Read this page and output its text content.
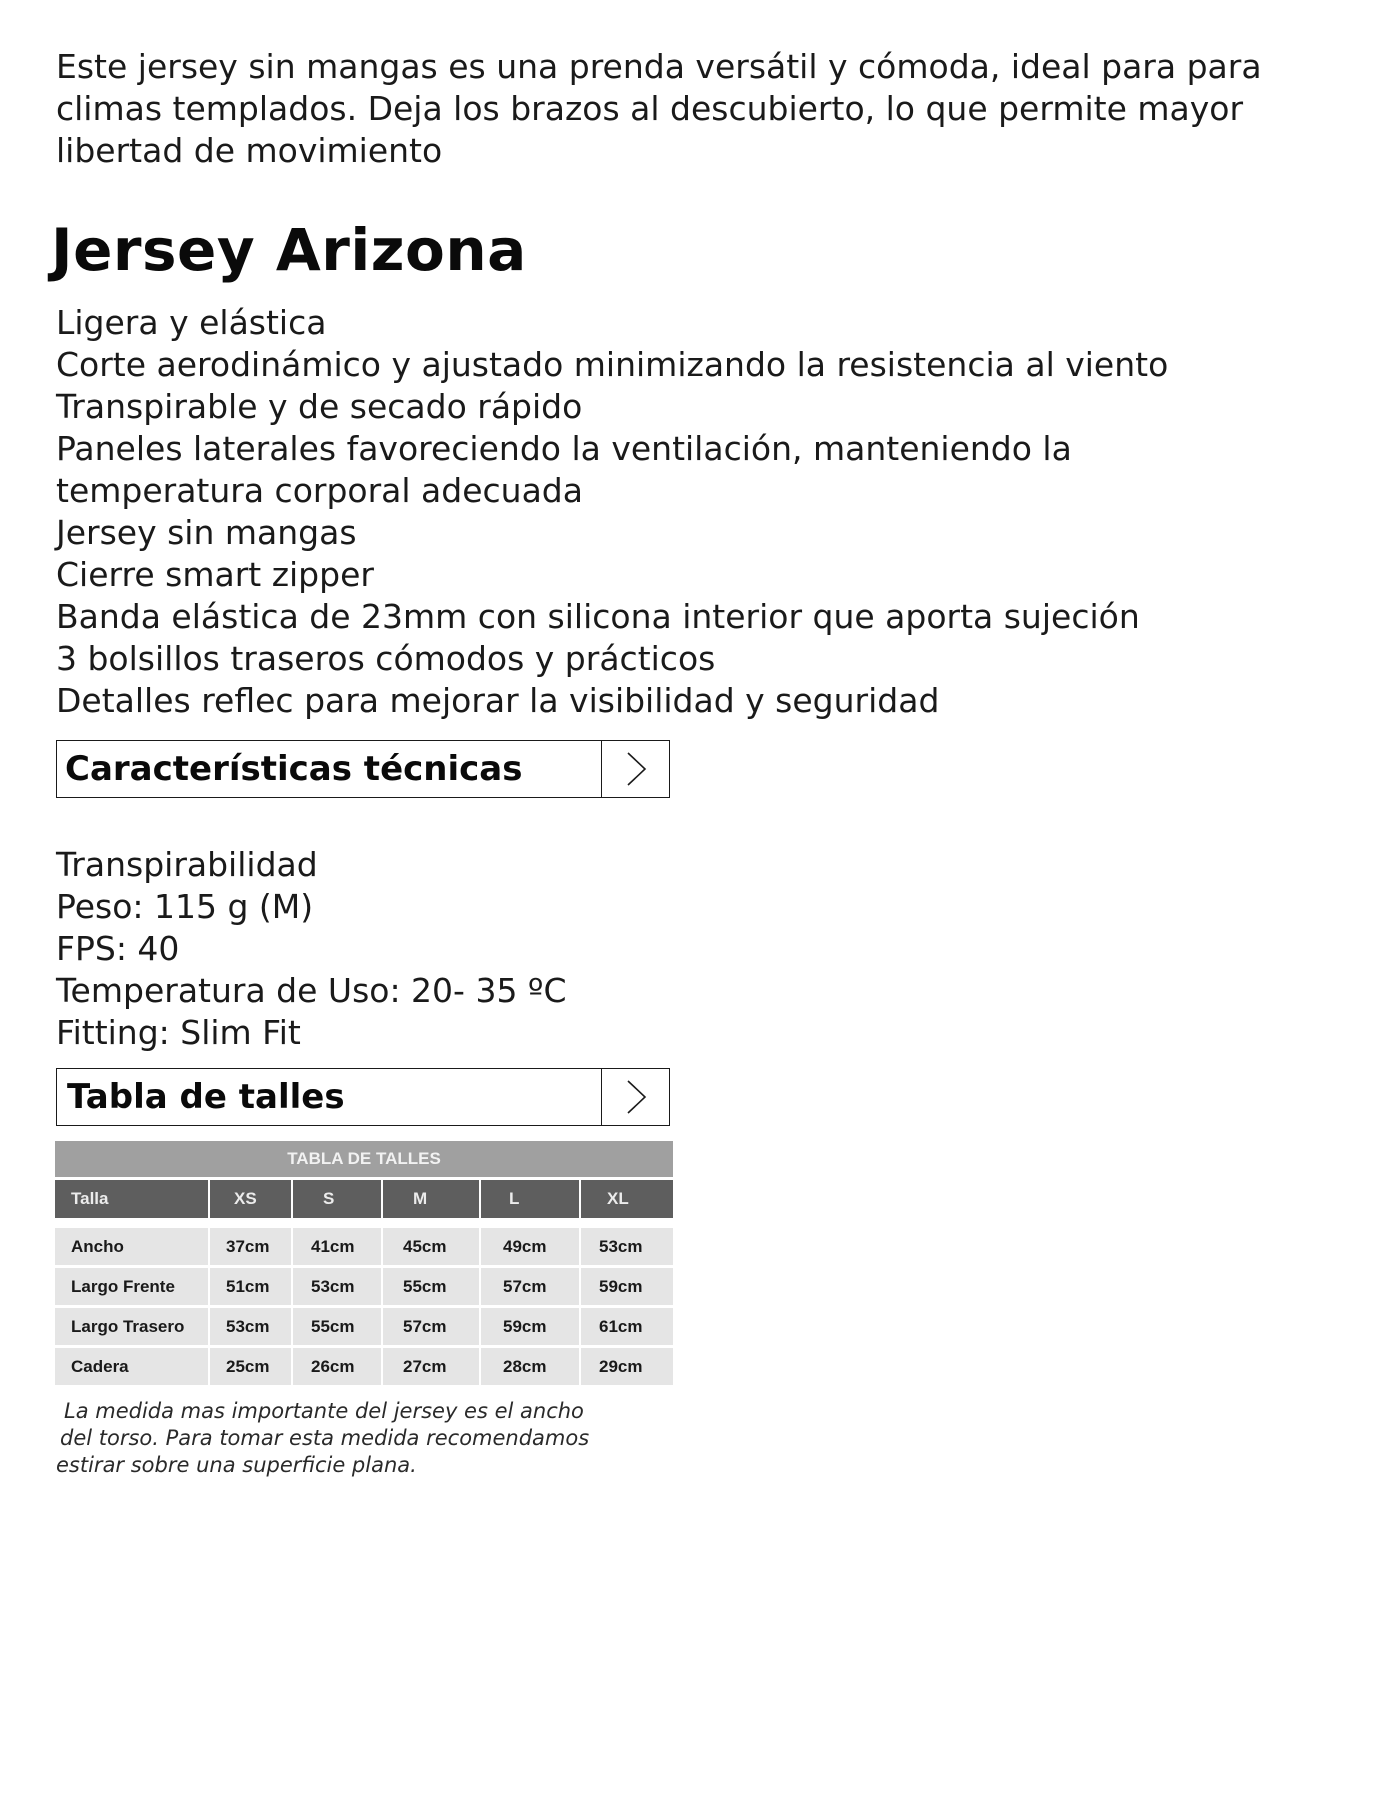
Este jersey sin mangas es una prenda versátil y cómoda, ideal para para
climas templados. Deja los brazos al descubierto, lo que permite mayor
libertad de movimiento

Jersey Arizona
Ligera y elástica
Corte aerodinámico y ajustado minimizando la resistencia al viento
Transpirable y de secado rápido
Paneles laterales favoreciendo la ventilación, manteniendo la
temperatura corporal adecuada
Jersey sin mangas
Cierre smart zipper
Banda elástica de 23mm con silicona interior que aporta sujeción
3 bolsillos traseros cómodos y prácticos
Detalles reflec para mejorar la visibilidad y seguridad
Características técnicas
Transpirabilidad
Peso: 115 g (M)
FPS: 40
Temperatura de Uso: 20- 35 ºC
Fitting: Slim Fit
Tabla de talles
TABLA DE TALLES
Talla	XS	S	M	L	XL
Ancho	37cm	41cm	45cm	49cm	53cm
Largo Frente	51cm	53cm	55cm	57cm	59cm
Largo Trasero	53cm	55cm	57cm	59cm	61cm
Cadera	25cm	26cm	27cm	28cm	29cm

La medida mas importante del jersey es el ancho
del torso. Para tomar esta medida recomendamos
estirar sobre una superficie plana.
